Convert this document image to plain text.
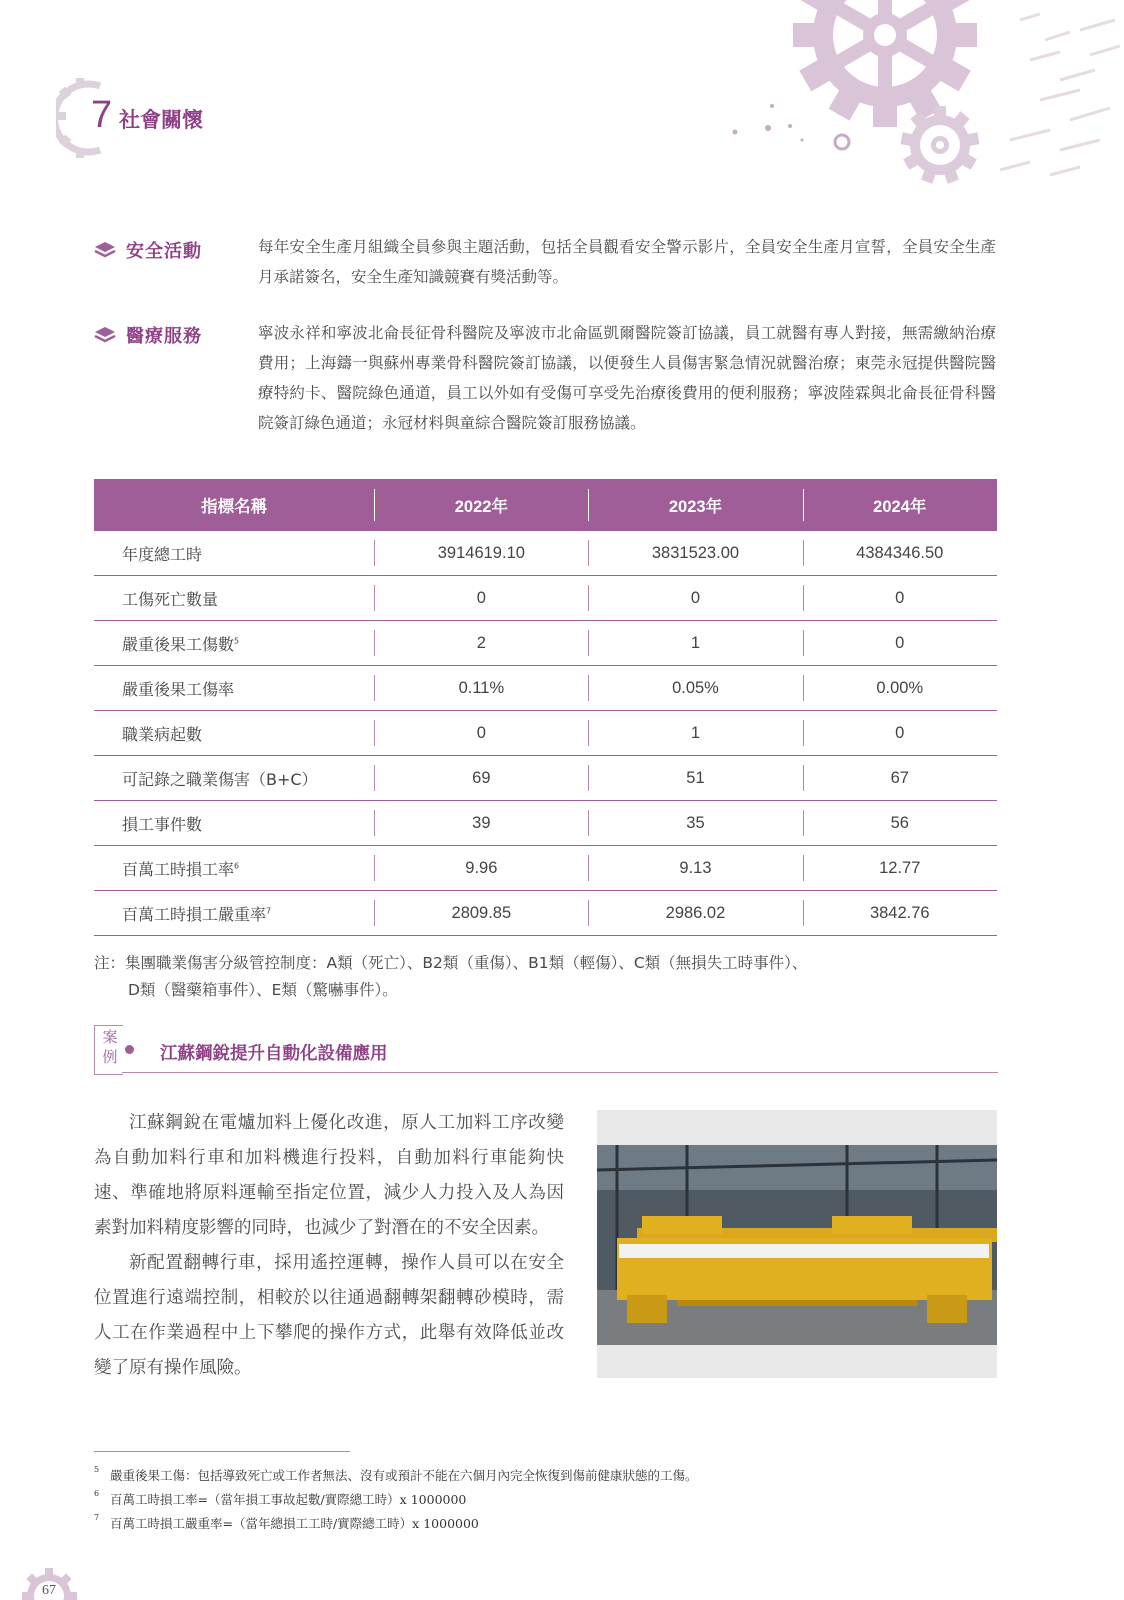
7 社會關懷
安全活動	每年安全生產月組織全員參與主題活動，包括全員觀看安全警示影片，全員安全生產月宣誓，全員安全生產月承諾簽名，安全生產知識競賽有獎活動等。
醫療服務	寧波永祥和寧波北侖長征骨科醫院及寧波市北侖區凱爾醫院簽訂協議，員工就醫有專人對接，無需繳納治療費用；上海鑄一與蘇州專業骨科醫院簽訂協議，以便發生人員傷害緊急情況就醫治療；東莞永冠提供醫院醫療特約卡、醫院綠色通道，員工以外如有受傷可享受先治療後費用的便利服務；寧波陸霖與北侖長征骨科醫院簽訂綠色通道；永冠材料與童綜合醫院簽訂服務協議。
指標名稱	2022年	2023年	2024年
年度總工時	3914619.10	3831523.00	4384346.50
工傷死亡數量	0	0	0
嚴重後果工傷數$^5$	2	1	0
嚴重後果工傷率	0.11%	0.05%	0.00%
職業病起數	0	1	0
可記錄之職業傷害（B+C）	69	51	67
損工事件數	39	35	56
百萬工時損工率$^6$	9.96	9.13	12.77
百萬工時損工嚴重率$^7$	2809.85	2986.02	3842.76
注：集團職業傷害分級管控制度：A類（死亡）、B2類（重傷）、B1類（輕傷）、C類（無損失工時事件）、
D類（醫藥箱事件）、E類（驚嚇事件）。
案
例 江蘇鋼銳提升自動化設備應用

江蘇鋼銳在電爐加料上優化改進，原人工加料工序改變為自動加料行車和加料機進行投料，自動加料行車能夠快速、準確地將原料運輸至指定位置，減少人力投入及人為因素對加料精度影響的同時，也減少了對潛在的不安全因素。

新配置翻轉行車，採用遙控運轉，操作人員可以在安全位置進行遠端控制，相較於以往通過翻轉架翻轉砂模時，需人工在作業過程中上下攀爬的操作方式，此舉有效降低並改變了原有操作風險。

5 嚴重後果工傷：包括導致死亡或工作者無法、沒有或預計不能在六個月內完全恢復到傷前健康狀態的工傷。
6 百萬工時損工率=（當年損工事故起數/實際總工時）x 1000000
7 百萬工時損工嚴重率=（當年總損工工時/實際總工時）x 1000000
67
